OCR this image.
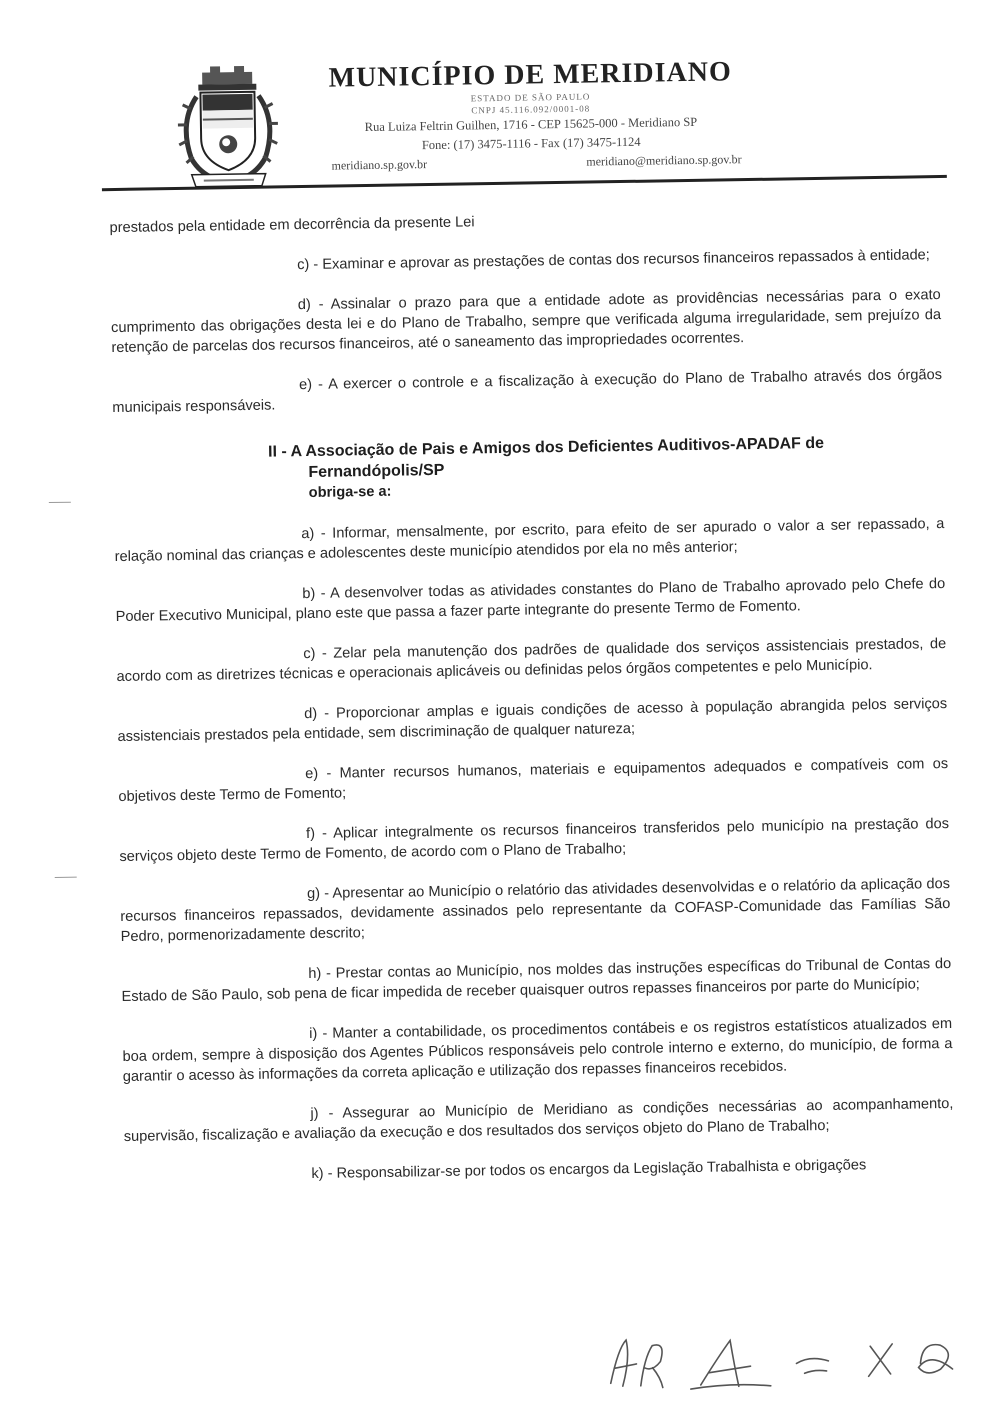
MUNICÍPIO DE MERIDIANO
ESTADO DE SÃO PAULO
CNPJ 45.116.092/0001-08
Rua Luiza Feltrin Guilhen, 1716 - CEP 15625-000 - Meridiano SP
Fone: (17) 3475-1116 - Fax (17) 3475-1124
meridiano.sp.gov.br	meridiano@meridiano.sp.gov.br

prestados pela entidade em decorrência da presente Lei

c) - Examinar e aprovar as prestações de contas dos recursos financeiros repassados à entidade;

d) - Assinalar o prazo para que a entidade adote as providências necessárias para o exato cumprimento das obrigações desta lei e do Plano de Trabalho, sempre que verificada alguma irregularidade, sem prejuízo da retenção de parcelas dos recursos financeiros, até o saneamento das impropriedades ocorrentes.

e) - A exercer o controle e a fiscalização à execução do Plano de Trabalho através dos órgãos municipais responsáveis.

II - A Associação de Pais e Amigos dos Deficientes Auditivos-APADAF de
Fernandópolis/SP
obriga-se a:

a) - Informar, mensalmente, por escrito, para efeito de ser apurado o valor a ser repassado, a relação nominal das crianças e adolescentes deste município atendidos por ela no mês anterior;

b) - A desenvolver todas as atividades constantes do Plano de Trabalho aprovado pelo Chefe do Poder Executivo Municipal, plano este que passa a fazer parte integrante do presente Termo de Fomento.

c) - Zelar pela manutenção dos padrões de qualidade dos serviços assistenciais prestados, de acordo com as diretrizes técnicas e operacionais aplicáveis ou definidas pelos órgãos competentes e pelo Município.

d) - Proporcionar amplas e iguais condições de acesso à população abrangida pelos serviços assistenciais prestados pela entidade, sem discriminação de qualquer natureza;

e) - Manter recursos humanos, materiais e equipamentos adequados e compatíveis com os objetivos deste Termo de Fomento;

f) - Aplicar integralmente os recursos financeiros transferidos pelo município na prestação dos serviços objeto deste Termo de Fomento, de acordo com o Plano de Trabalho;

g) - Apresentar ao Município o relatório das atividades desenvolvidas e o relatório da aplicação dos recursos financeiros repassados, devidamente assinados pelo representante da COFASP-Comunidade das Famílias São Pedro, pormenorizadamente descrito;

h) - Prestar contas ao Município, nos moldes das instruções específicas do Tribunal de Contas do Estado de São Paulo, sob pena de ficar impedida de receber quaisquer outros repasses financeiros por parte do Município;

i) - Manter a contabilidade, os procedimentos contábeis e os registros estatísticos atualizados em boa ordem, sempre à disposição dos Agentes Públicos responsáveis pelo controle interno e externo, do município, de forma a garantir o acesso às informações da correta aplicação e utilização dos repasses financeiros recebidos.

j) - Assegurar ao Município de Meridiano as condições necessárias ao acompanhamento, supervisão, fiscalização e avaliação da execução e dos resultados dos serviços objeto do Plano de Trabalho;

k) - Responsabilizar-se por todos os encargos da Legislação Trabalhista e obrigações
